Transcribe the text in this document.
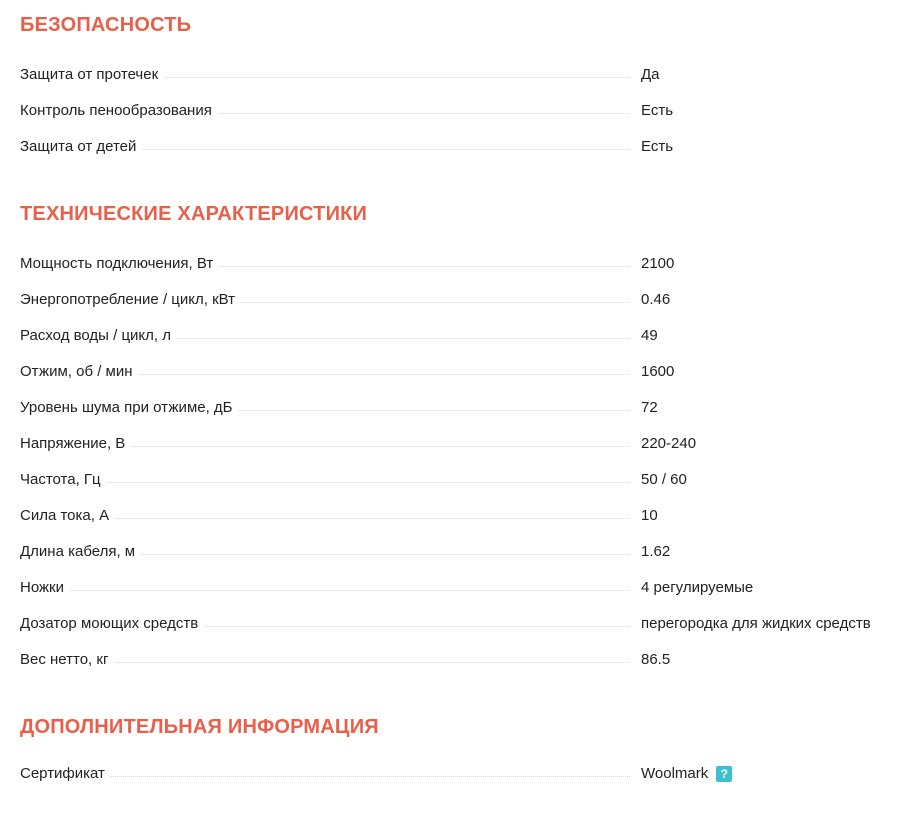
БЕЗОПАСНОСТЬ
Защита от протечек	Да
Контроль пенообразования	Есть
Защита от детей	Есть
ТЕХНИЧЕСКИЕ ХАРАКТЕРИСТИКИ
Мощность подключения, Вт	2100
Энергопотребление / цикл, кВт	0.46
Расход воды / цикл, л	49
Отжим, об / мин	1600
Уровень шума при отжиме, дБ	72
Напряжение, В	220-240
Частота, Гц	50 / 60
Сила тока, А	10
Длина кабеля, м	1.62
Ножки	4 регулируемые
Дозатор моющих средств	перегородка для жидких средств
Вес нетто, кг	86.5
ДОПОЛНИТЕЛЬНАЯ ИНФОРМАЦИЯ
Сертификат	Woolmark ?
